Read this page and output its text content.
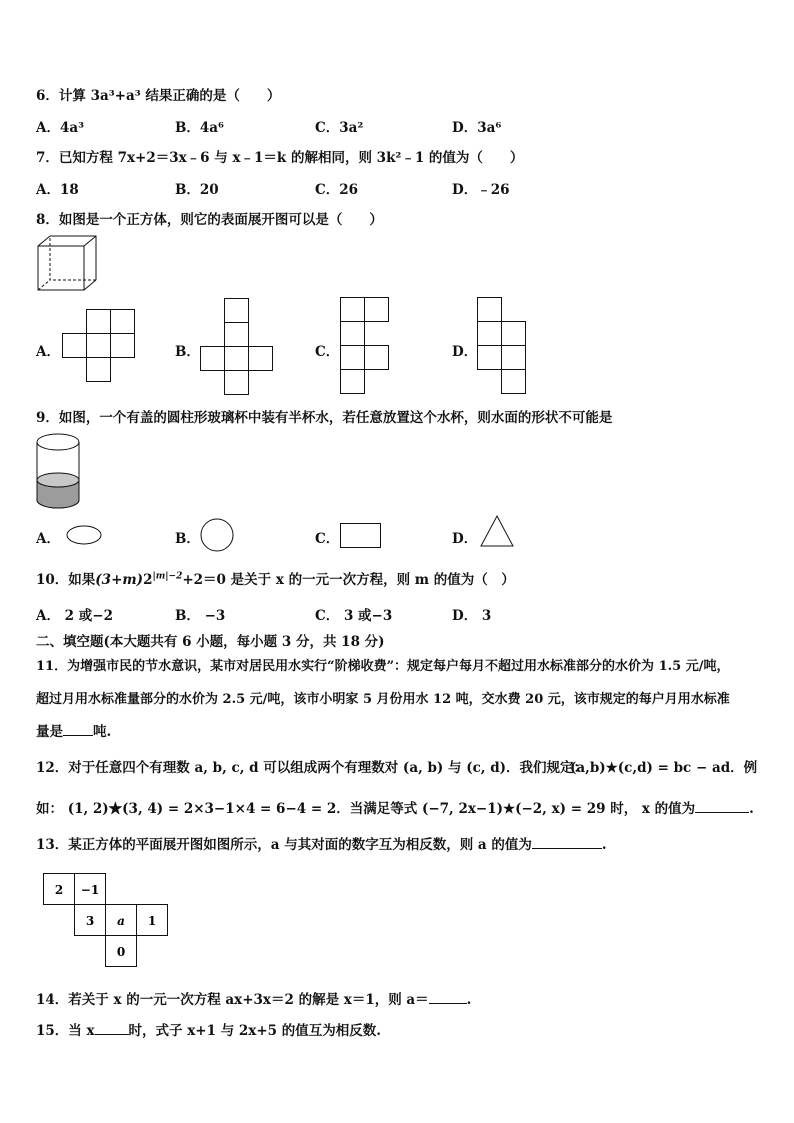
6．计算 3a³+a³ 结果正确的是（　　）
A．4a³	B．4a⁶	C．3a²	D．3a⁶
7．已知方程 7x+2＝3x﹣6 与 x﹣1＝k 的解相同，则 3k²﹣1 的值为（　　）
A．18	B．20	C．26	D．﹣26
8．如图是一个正方体，则它的表面展开图可以是（　　）
A．	B．	C．	D．
9．如图，一个有盖的圆柱形玻璃杯中装有半杯水，若任意放置这个水杯，则水面的形状不可能是
A．	B．	C．	D．
10．如果$(3+m)2^{|m|-2}+2=0$ 是关于 x 的一元一次方程，则 m 的值为（　）
A． 2 或−2	B． −3	C． 3 或−3	D． 3
二、填空题(本大题共有 6 小题，每小题 3 分，共 18 分)
11．为增强市民的节水意识，某市对居民用水实行“阶梯收费”：规定每户每月不超过用水标准部分的水价为 1.5 元/吨，
超过月用水标准量部分的水价为 2.5 元/吨，该市小明家 5 月份用水 12 吨，交水费 20 元，该市规定的每户月用水标准
量是 吨.
12．对于任意四个有理数 a, b, c, d 可以组成两个有理数对 (a, b) 与 (c, d)．我们规定：
(a,b)★(c,d) = bc − ad．例
如： (1, 2)★(3, 4) = 2×3−1×4 = 6−4 = 2．当满足等式 (−7, 2x−1)★(−2, x) = 29 时， x 的值为	.
13．某正方体的平面展开图如图所示，a 与其对面的数字互为相反数，则 a 的值为	.
2 −1
3 a 1
0
14．若关于 x 的一元一次方程 ax+3x＝2 的解是 x＝1，则 a＝	.
15．当 x	时，式子 x+1 与 2x+5 的值互为相反数.
